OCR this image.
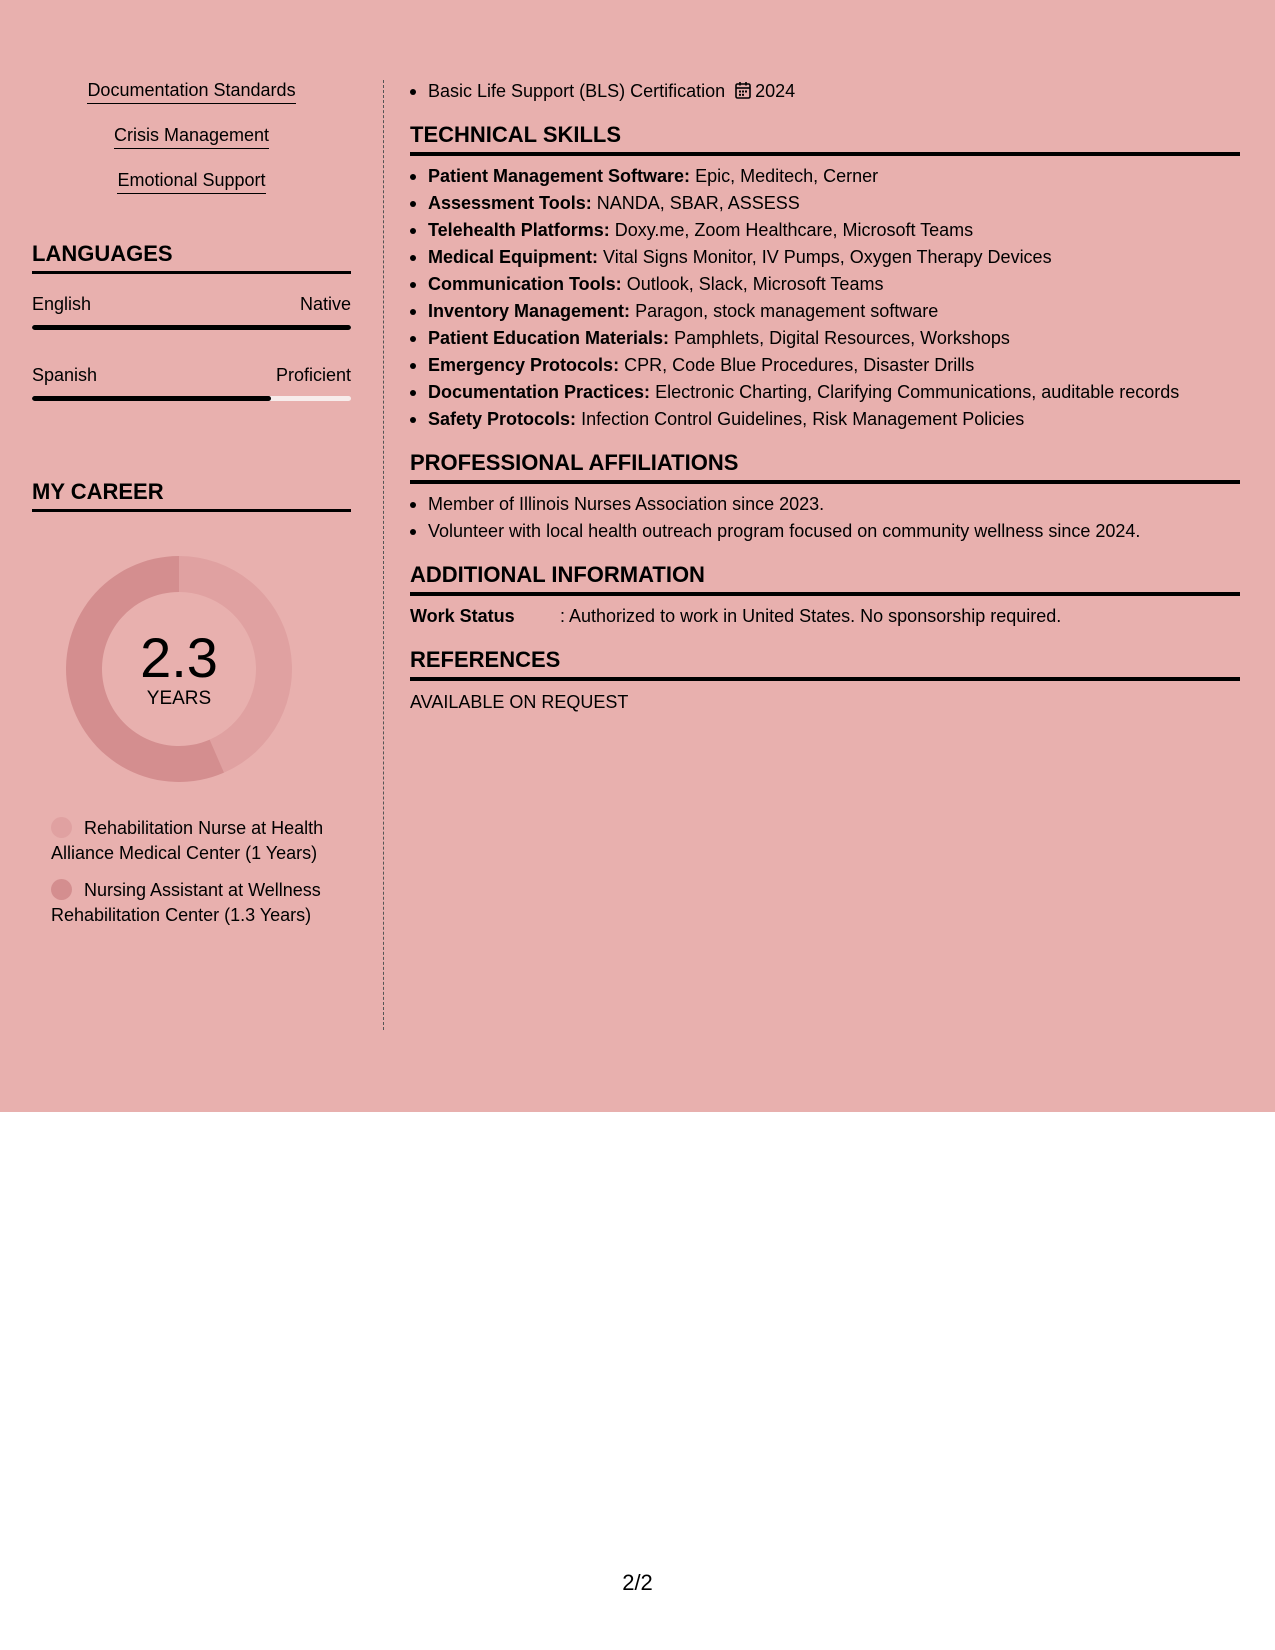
Documentation Standards
Crisis Management
Emotional Support
LANGUAGES
English	Native
Spanish	Proficient
MY CAREER
2.3
YEARS
Rehabilitation Nurse at Health Alliance Medical Center (1 Years)
Nursing Assistant at Wellness Rehabilitation Center (1.3 Years)
Basic Life Support (BLS) Certification 2024
TECHNICAL SKILLS
Patient Management Software: Epic, Meditech, Cerner
Assessment Tools: NANDA, SBAR, ASSESS
Telehealth Platforms: Doxy.me, Zoom Healthcare, Microsoft Teams
Medical Equipment: Vital Signs Monitor, IV Pumps, Oxygen Therapy Devices
Communication Tools: Outlook, Slack, Microsoft Teams
Inventory Management: Paragon, stock management software
Patient Education Materials: Pamphlets, Digital Resources, Workshops
Emergency Protocols: CPR, Code Blue Procedures, Disaster Drills
Documentation Practices: Electronic Charting, Clarifying Communications, auditable records
Safety Protocols: Infection Control Guidelines, Risk Management Policies
PROFESSIONAL AFFILIATIONS
Member of Illinois Nurses Association since 2023.
Volunteer with local health outreach program focused on community wellness since 2024.
ADDITIONAL INFORMATION
Work Status	: Authorized to work in United States. No sponsorship required.
REFERENCES
AVAILABLE ON REQUEST
2/2
